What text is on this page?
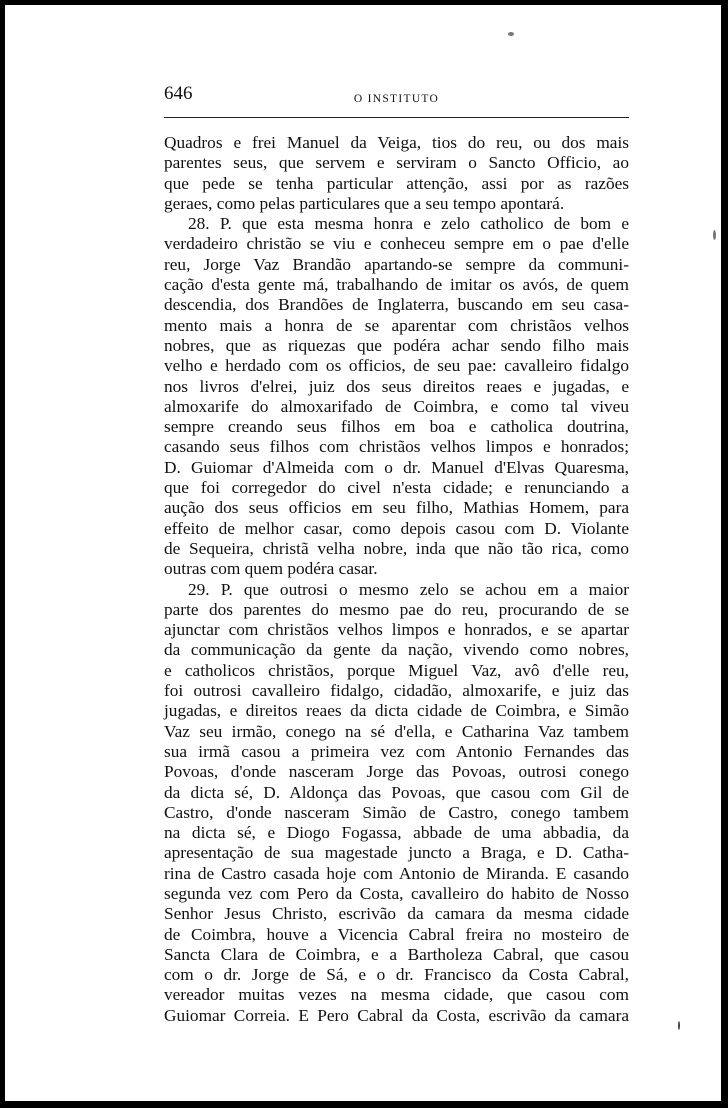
646	O INSTITUTO
Quadros e frei Manuel da Veiga, tios do reu, ou dos mais
parentes seus, que servem e serviram o Sancto Officio, ao
que pede se tenha particular attenção, assi por as razões
geraes, como pelas particulares que a seu tempo apontará.
28. P. que esta mesma honra e zelo catholico de bom e
verdadeiro christão se viu e conheceu sempre em o pae d'elle
reu, Jorge Vaz Brandão apartando-se sempre da communi-
cação d'esta gente má, trabalhando de imitar os avós, de quem
descendia, dos Brandões de Inglaterra, buscando em seu casa-
mento mais a honra de se aparentar com christãos velhos
nobres, que as riquezas que podéra achar sendo filho mais
velho e herdado com os officios, de seu pae: cavalleiro fidalgo
nos livros d'elrei, juiz dos seus direitos reaes e jugadas, e
almoxarife do almoxarifado de Coimbra, e como tal viveu
sempre creando seus filhos em boa e catholica doutrina,
casando seus filhos com christãos velhos limpos e honrados;
D. Guiomar d'Almeida com o dr. Manuel d'Elvas Quaresma,
que foi corregedor do civel n'esta cidade; e renunciando a
aução dos seus officios em seu filho, Mathias Homem, para
effeito de melhor casar, como depois casou com D. Violante
de Sequeira, christã velha nobre, inda que não tão rica, como
outras com quem podéra casar.
29. P. que outrosi o mesmo zelo se achou em a maior
parte dos parentes do mesmo pae do reu, procurando de se
ajunctar com christãos velhos limpos e honrados, e se apartar
da communicação da gente da nação, vivendo como nobres,
e catholicos christãos, porque Miguel Vaz, avô d'elle reu,
foi outrosi cavalleiro fidalgo, cidadão, almoxarife, e juiz das
jugadas, e direitos reaes da dicta cidade de Coimbra, e Simão
Vaz seu irmão, conego na sé d'ella, e Catharina Vaz tambem
sua irmã casou a primeira vez com Antonio Fernandes das
Povoas, d'onde nasceram Jorge das Povoas, outrosi conego
da dicta sé, D. Aldonça das Povoas, que casou com Gil de
Castro, d'onde nasceram Simão de Castro, conego tambem
na dicta sé, e Diogo Fogassa, abbade de uma abbadia, da
apresentação de sua magestade juncto a Braga, e D. Catha-
rina de Castro casada hoje com Antonio de Miranda. E casando
segunda vez com Pero da Costa, cavalleiro do habito de Nosso
Senhor Jesus Christo, escrivão da camara da mesma cidade
de Coimbra, houve a Vicencia Cabral freira no mosteiro de
Sancta Clara de Coimbra, e a Bartholeza Cabral, que casou
com o dr. Jorge de Sá, e o dr. Francisco da Costa Cabral,
vereador muitas vezes na mesma cidade, que casou com
Guiomar Correia. E Pero Cabral da Costa, escrivão da camara
